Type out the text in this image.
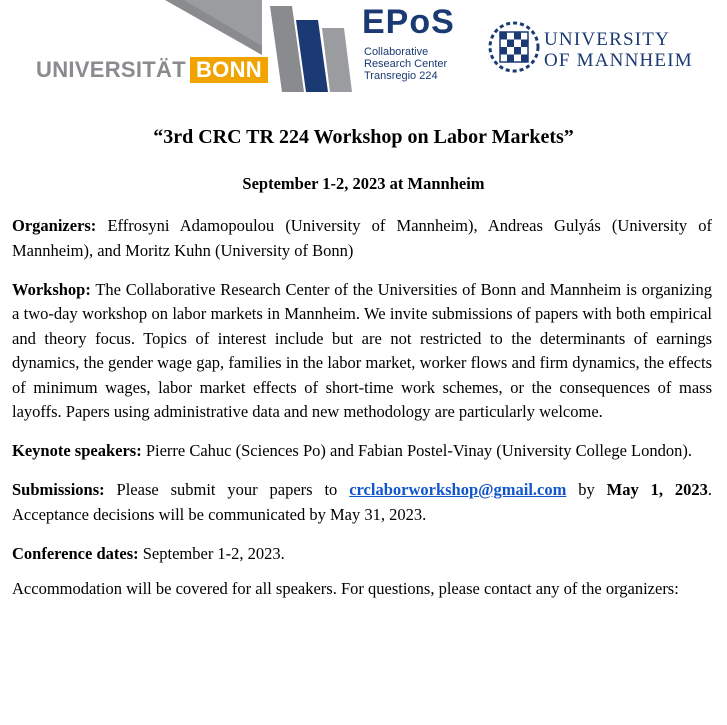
UNIVERSITÄT BONN
EPoS
Collaborative
Research Center
Transregio 224
UNIVERSITY
OF MANNHEIM
“3rd CRC TR 224 Workshop on Labor Markets”
September 1-2, 2023 at Mannheim

Organizers: Effrosyni Adamopoulou (University of Mannheim), Andreas Gulyás (University of Mannheim), and Moritz Kuhn (University of Bonn)

Workshop: The Collaborative Research Center of the Universities of Bonn and Mannheim is organizing a two-day workshop on labor markets in Mannheim. We invite submissions of papers with both empirical and theory focus. Topics of interest include but are not restricted to the determinants of earnings dynamics, the gender wage gap, families in the labor market, worker flows and firm dynamics, the effects of minimum wages, labor market effects of short-time work schemes, or the consequences of mass layoffs. Papers using administrative data and new methodology are particularly welcome.

Keynote speakers: Pierre Cahuc (Sciences Po) and Fabian Postel-Vinay (University College London).

Submissions: Please submit your papers to crclaborworkshop@gmail.com by May 1, 2023. Acceptance decisions will be communicated by May 31, 2023.

Conference dates: September 1-2, 2023.

Accommodation will be covered for all speakers. For questions, please contact any of the organizers:
